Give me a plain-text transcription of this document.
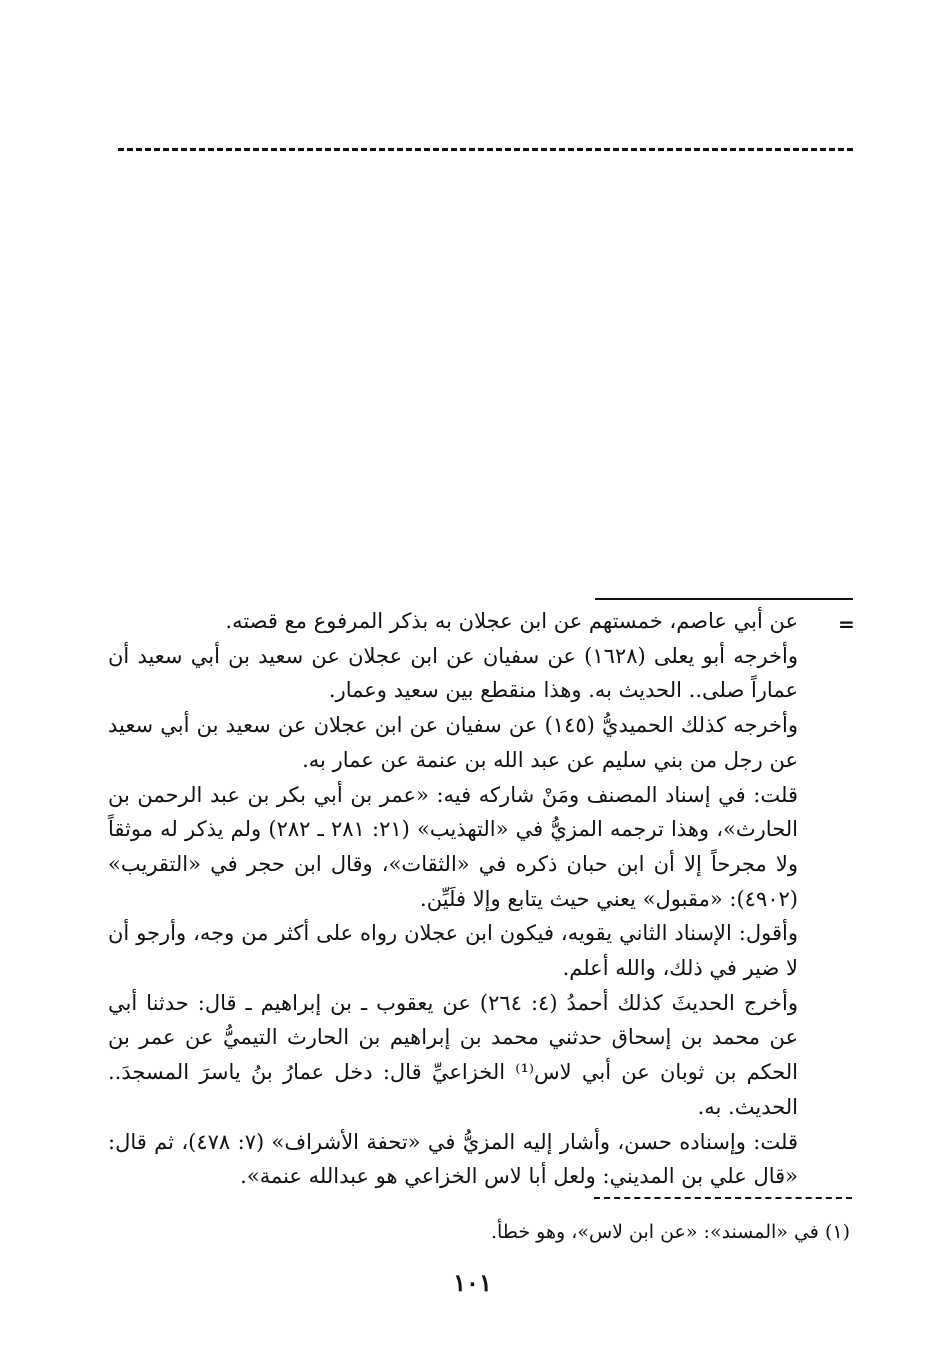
=

عن أبي عاصم، خمستهم عن ابن عجلان به بذكر المرفوع مع قصته.

وأخرجه أبو يعلى (١٦٢٨) عن سفيان عن ابن عجلان عن سعيد بن أبي سعيد أن عماراً صلى.. الحديث به. وهذا منقطع بين سعيد وعمار.

وأخرجه كذلك الحميديُّ (١٤٥) عن سفيان عن ابن عجلان عن سعيد بن أبي سعيد عن رجل من بني سليم عن عبد الله بن عنمة عن عمار به.

قلت: في إسناد المصنف ومَنْ شاركه فيه: «عمر بن أبي بكر بن عبد الرحمن بن الحارث»، وهذا ترجمه المزيُّ في «التهذيب» (٢١: ٢٨١ ـ ٢٨٢) ولم يذكر له موثقاً ولا مجرحاً إلا أن ابن حبان ذكره في «الثقات»، وقال ابن حجر في «التقريب» (٤٩٠٢): «مقبول» يعني حيث يتابع وإلا فلَيِّن.

وأقول: الإسناد الثاني يقويه، فيكون ابن عجلان رواه على أكثر من وجه، وأرجو أن لا ضير في ذلك، والله أعلم.

وأخرج الحديثَ كذلك أحمدُ (٤: ٢٦٤) عن يعقوب ـ بن إبراهيم ـ قال: حدثنا أبي عن محمد بن إسحاق حدثني محمد بن إبراهيم بن الحارث التيميُّ عن عمر بن الحكم بن ثوبان عن أبي لاس⁽¹⁾ الخزاعيِّ قال: دخل عمارُ بنُ ياسرَ المسجدَ.. الحديث. به.

قلت: وإسناده حسن، وأشار إليه المزيُّ في «تحفة الأشراف» (٧: ٤٧٨)، ثم قال: «قال علي بن المديني: ولعل أبا لاس الخزاعي هو عبدالله عنمة».

(١) في «المسند»: «عن ابن لاس»، وهو خطأ.
١٠١
